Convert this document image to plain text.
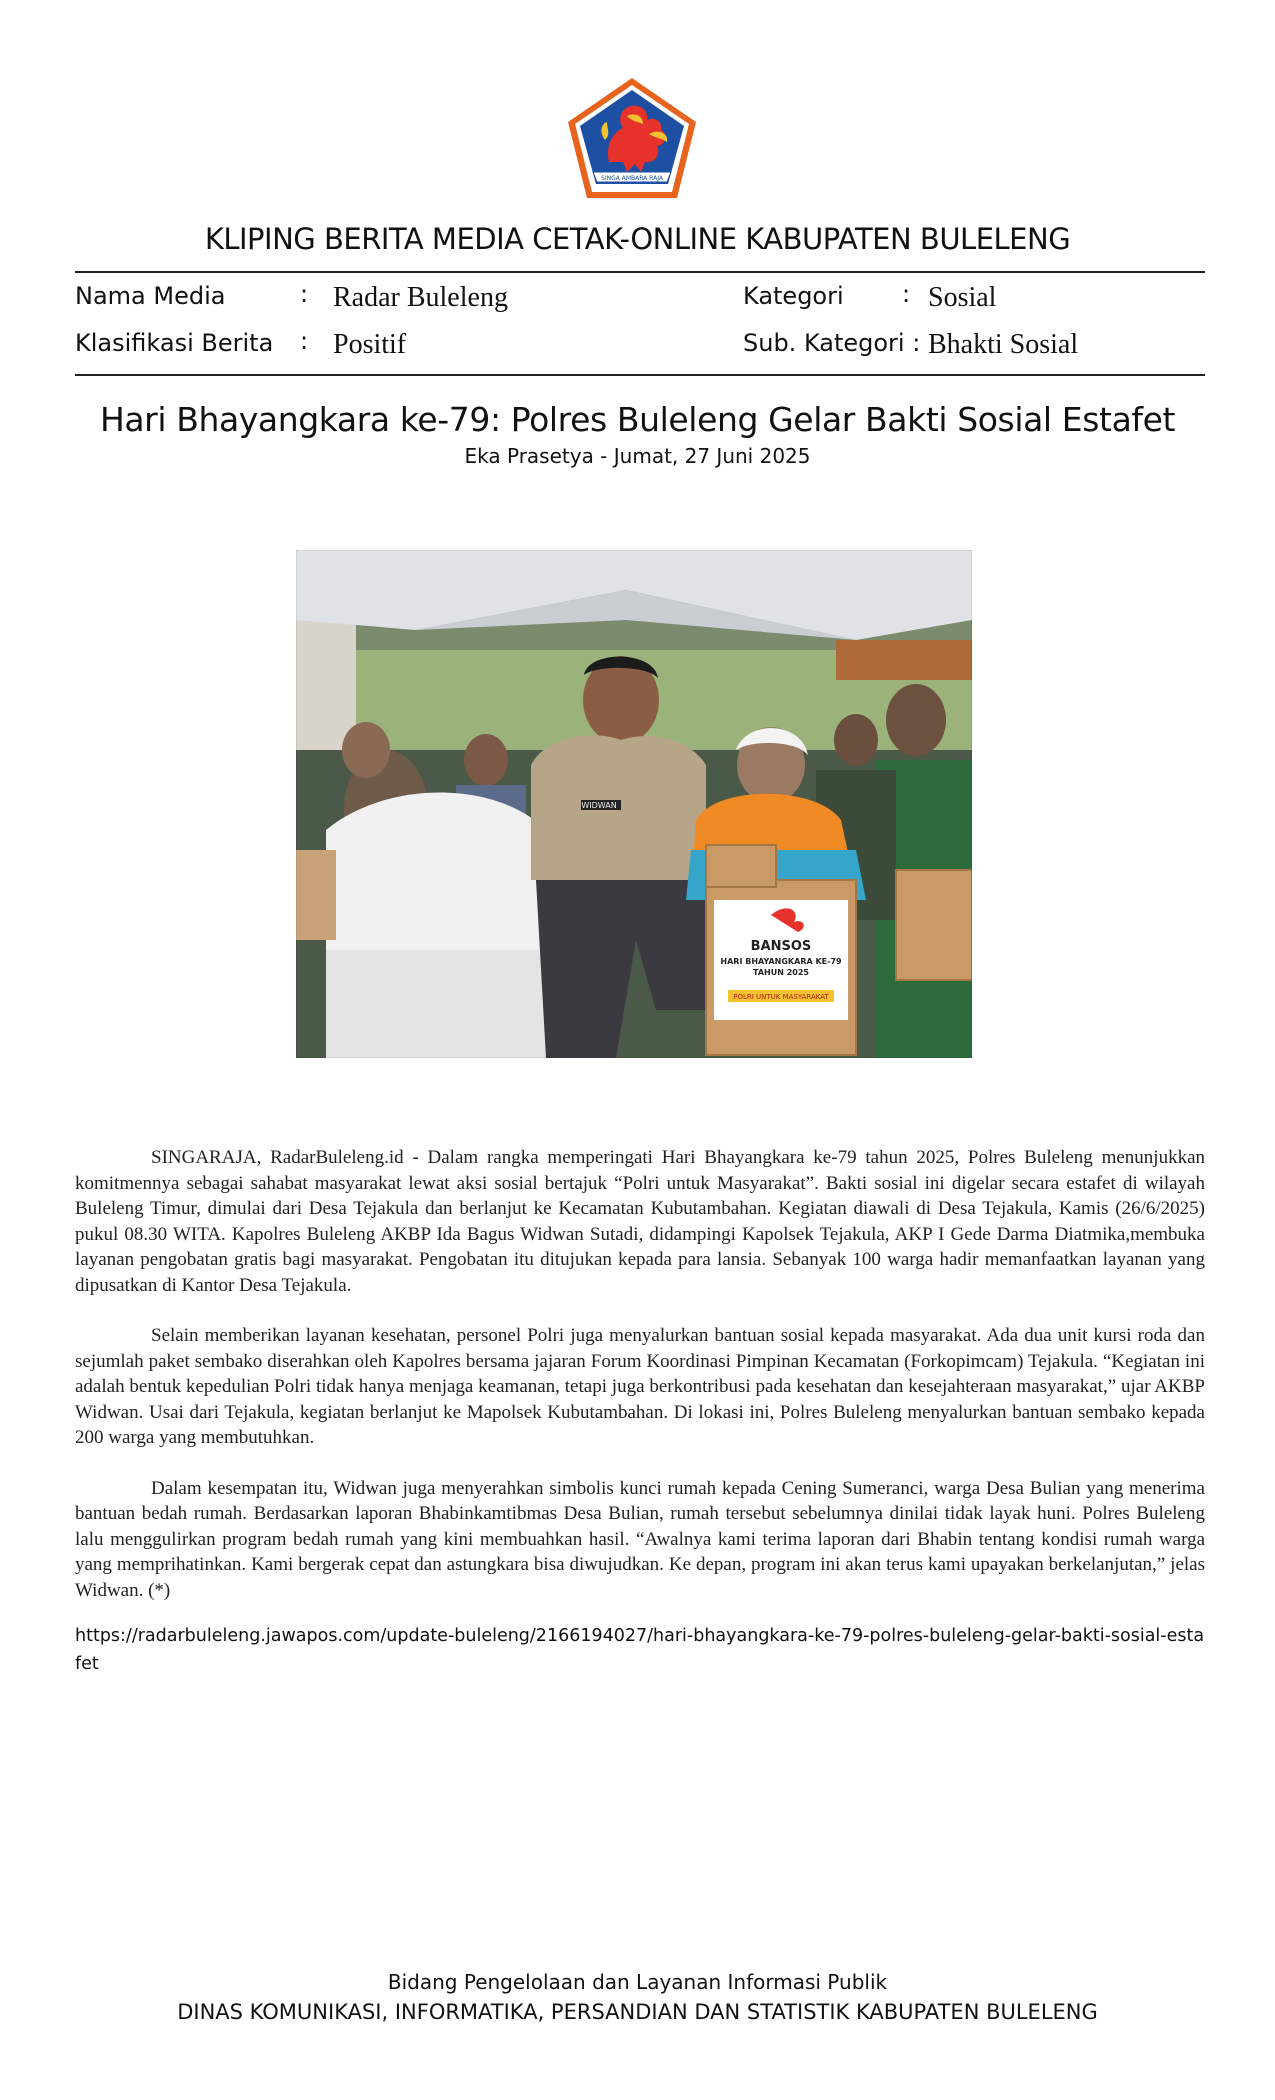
SINGA AMBARA RAJA
KLIPING BERITA MEDIA CETAK-ONLINE KABUPATEN BULELENG
Nama Media	: Radar Buleleng	Kategori : Sosial
Klasifikasi Berita : Positif	Sub. Kategori : Bhakti Sosial
Hari Bhayangkara ke-79: Polres Buleleng Gelar Bakti Sosial Estafet
Eka Prasetya - Jumat, 27 Juni 2025
WIDWAN
BANSOS
HARI BHAYANGKARA KE-79
TAHUN 2025
POLRI UNTUK MASYARAKAT

SINGARAJA, RadarBuleleng.id - Dalam rangka memperingati Hari Bhayangkara ke-79 tahun 2025, Polres Buleleng menunjukkan komitmennya sebagai sahabat masyarakat lewat aksi sosial bertajuk “Polri untuk Masyarakat”. Bakti sosial ini digelar secara estafet di wilayah Buleleng Timur, dimulai dari Desa Tejakula dan berlanjut ke Kecamatan Kubutambahan. Kegiatan diawali di Desa Tejakula, Kamis (26/6/2025) pukul 08.30 WITA. Kapolres Buleleng AKBP Ida Bagus Widwan Sutadi, didampingi Kapolsek Tejakula, AKP I Gede Darma Diatmika,membuka layanan pengobatan gratis bagi masyarakat. Pengobatan itu ditujukan kepada para lansia. Sebanyak 100 warga hadir memanfaatkan layanan yang dipusatkan di Kantor Desa Tejakula.

Selain memberikan layanan kesehatan, personel Polri juga menyalurkan bantuan sosial kepada masyarakat. Ada dua unit kursi roda dan sejumlah paket sembako diserahkan oleh Kapolres bersama jajaran Forum Koordinasi Pimpinan Kecamatan (Forkopimcam) Tejakula. “Kegiatan ini adalah bentuk kepedulian Polri tidak hanya menjaga keamanan, tetapi juga berkontribusi pada kesehatan dan kesejahteraan masyarakat,” ujar AKBP Widwan. Usai dari Tejakula, kegiatan berlanjut ke Mapolsek Kubutambahan. Di lokasi ini, Polres Buleleng menyalurkan bantuan sembako kepada 200 warga yang membutuhkan.

Dalam kesempatan itu, Widwan juga menyerahkan simbolis kunci rumah kepada Cening Sumeranci, warga Desa Bulian yang menerima bantuan bedah rumah. Berdasarkan laporan Bhabinkamtibmas Desa Bulian, rumah tersebut sebelumnya dinilai tidak layak huni. Polres Buleleng lalu menggulirkan program bedah rumah yang kini membuahkan hasil. “Awalnya kami terima laporan dari Bhabin tentang kondisi rumah warga yang memprihatinkan. Kami bergerak cepat dan astungkara bisa diwujudkan. Ke depan, program ini akan terus kami upayakan berkelanjutan,” jelas Widwan. (*)

https://radarbuleleng.jawapos.com/update-buleleng/2166194027/hari-bhayangkara-ke-79-polres-buleleng-gelar-bakti-sosial-estafet
Bidang Pengelolaan dan Layanan Informasi Publik
DINAS KOMUNIKASI, INFORMATIKA, PERSANDIAN DAN STATISTIK KABUPATEN BULELENG
